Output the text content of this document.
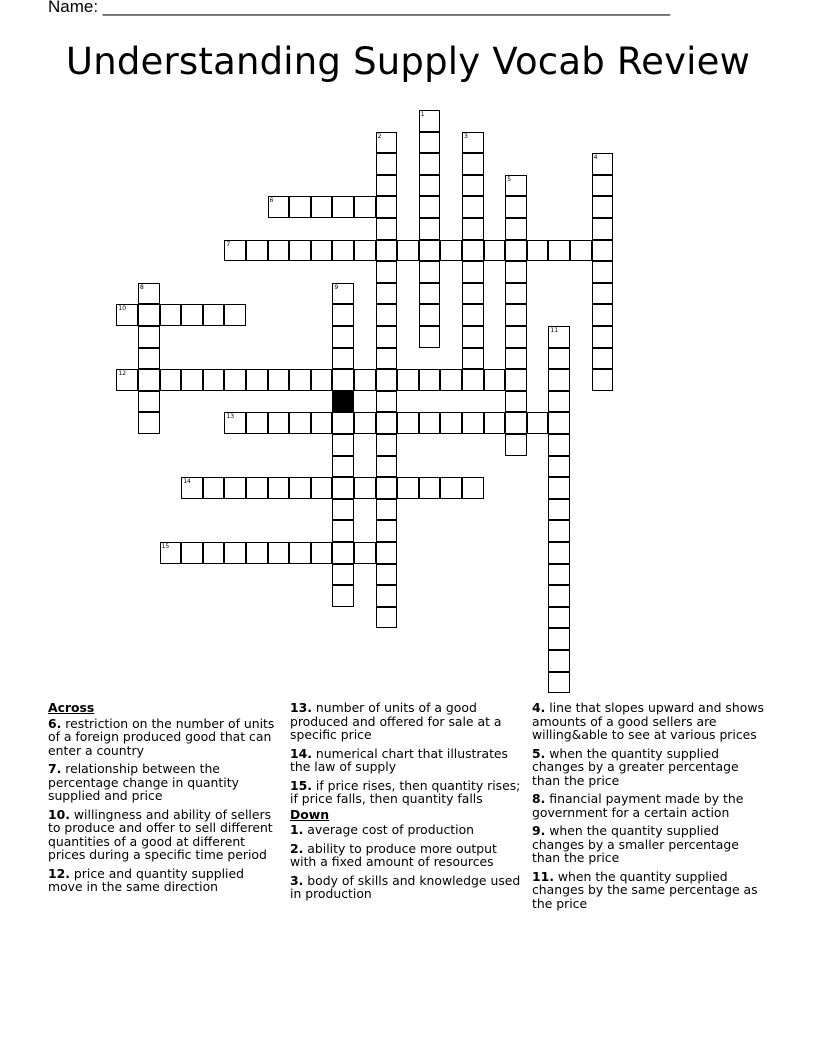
Name: ____________________________________________________________
Understanding Supply Vocab Review
1
2	3
4
5
6
7
8	9
10
11
12
13
14
15
Across
6. restriction on the number of units of a foreign produced good that can enter a country
7. relationship between the percentage change in quantity supplied and price
10. willingness and ability of sellers to produce and offer to sell different quantities of a good at different prices during a specific time period
12. price and quantity supplied move in the same direction
13. number of units of a good produced and offered for sale at a specific price
14. numerical chart that illustrates the law of supply
15. if price rises, then quantity rises; if price falls, then quantity falls
Down
1. average cost of production
2. ability to produce more output with a fixed amount of resources
3. body of skills and knowledge used in production
4. line that slopes upward and shows amounts of a good sellers are willing&able to see at various prices
5. when the quantity supplied changes by a greater percentage than the price
8. financial payment made by the government for a certain action
9. when the quantity supplied changes by a smaller percentage than the price
11. when the quantity supplied changes by the same percentage as the price
